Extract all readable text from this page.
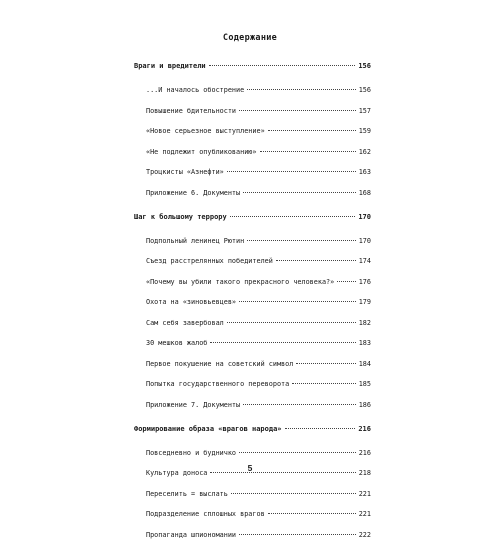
Содержание
Враги и вредители	156
...И началось обострение	156
Повышение бдительности	157
«Новое серьезное выступление»	159
«Не подлежит опубликованию»	162
Троцкисты «Азнефти»	163
Приложение 6. Документы	168
Шаг к большому террору	170
Подпольный ленинец Рютин	170
Съезд расстрелянных победителей	174
«Почему вы убили такого прекрасного человека?»	176
Охота на «зиновьевцев»	179
Сам себя завербовал	182
30 мешков жалоб	183
Первое покушение на советский символ	184
Попытка государственного переворота	185
Приложение 7. Документы	186
Формирование образа «врагов народа»	216
Повседневно и будничко	216
Культура доноса	218
Переселить = выслать	221
Подразделение сплошных врагов	221
Пропаганда шпиономании	222
5
